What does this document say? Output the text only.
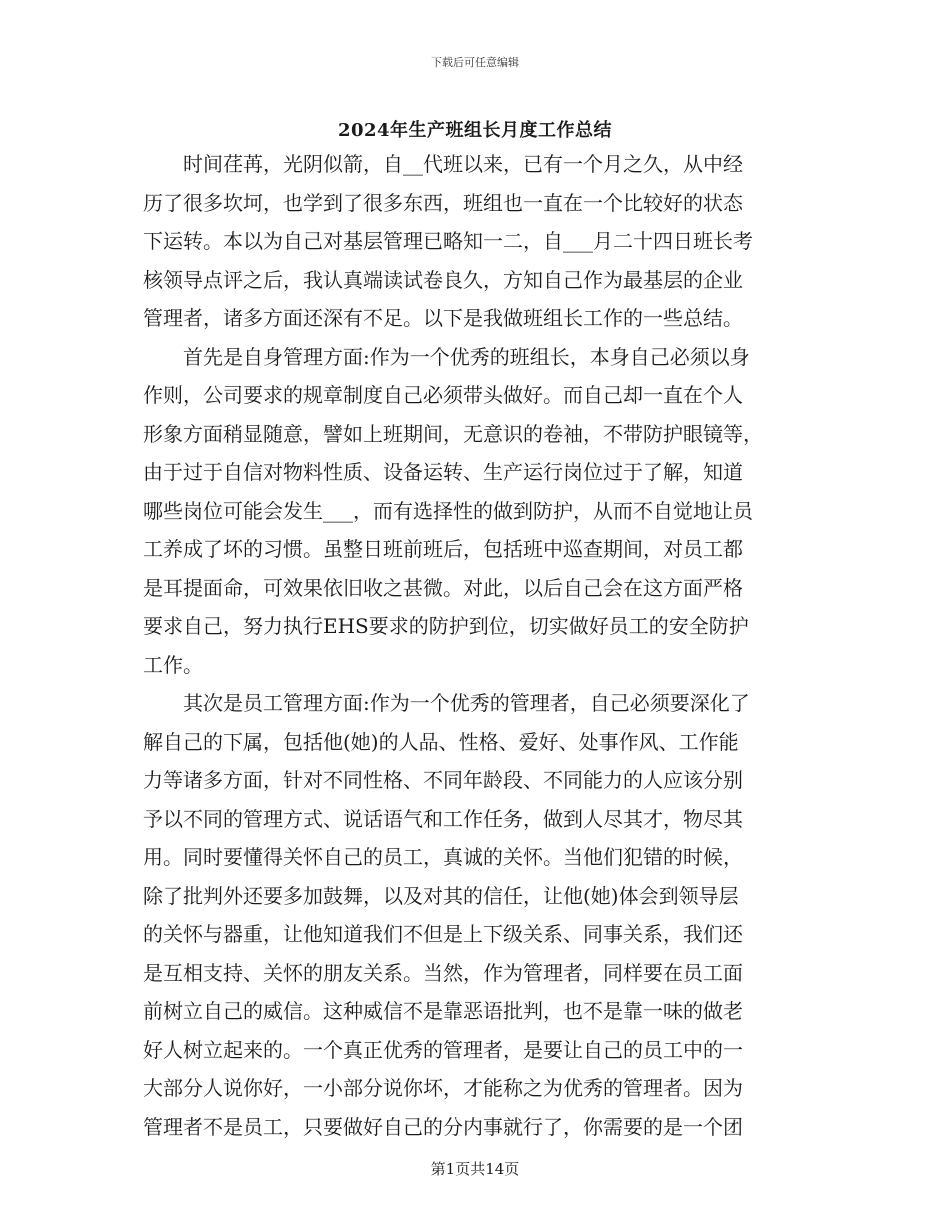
下载后可任意编辑
2024年生产班组长月度工作总结
　　时间荏苒，光阴似箭，自__代班以来，已有一个月之久，从中经
历了很多坎坷，也学到了很多东西，班组也一直在一个比较好的状态
下运转。本以为自己对基层管理已略知一二，自___月二十四日班长考
核领导点评之后，我认真端读试卷良久，方知自己作为最基层的企业
管理者，诸多方面还深有不足。以下是我做班组长工作的一些总结。
　　首先是自身管理方面:作为一个优秀的班组长，本身自己必须以身
作则，公司要求的规章制度自己必须带头做好。而自己却一直在个人
形象方面稍显随意，譬如上班期间，无意识的卷袖，不带防护眼镜等，
由于过于自信对物料性质、设备运转、生产运行岗位过于了解，知道
哪些岗位可能会发生___，而有选择性的做到防护，从而不自觉地让员
工养成了坏的习惯。虽整日班前班后，包括班中巡查期间，对员工都
是耳提面命，可效果依旧收之甚微。对此，以后自己会在这方面严格
要求自己，努力执行EHS要求的防护到位，切实做好员工的安全防护
工作。
　　其次是员工管理方面:作为一个优秀的管理者，自己必须要深化了
解自己的下属，包括他(她)的人品、性格、爱好、处事作风、工作能
力等诸多方面，针对不同性格、不同年龄段、不同能力的人应该分别
予以不同的管理方式、说话语气和工作任务，做到人尽其才，物尽其
用。同时要懂得关怀自己的员工，真诚的关怀。当他们犯错的时候，
除了批判外还要多加鼓舞，以及对其的信任，让他(她)体会到领导层
的关怀与器重，让他知道我们不但是上下级关系、同事关系，我们还
是互相支持、关怀的朋友关系。当然，作为管理者，同样要在员工面
前树立自己的威信。这种威信不是靠恶语批判，也不是靠一味的做老
好人树立起来的。一个真正优秀的管理者，是要让自己的员工中的一
大部分人说你好，一小部分说你坏，才能称之为优秀的管理者。因为
管理者不是员工，只要做好自己的分内事就行了，你需要的是一个团
第1页共14页
